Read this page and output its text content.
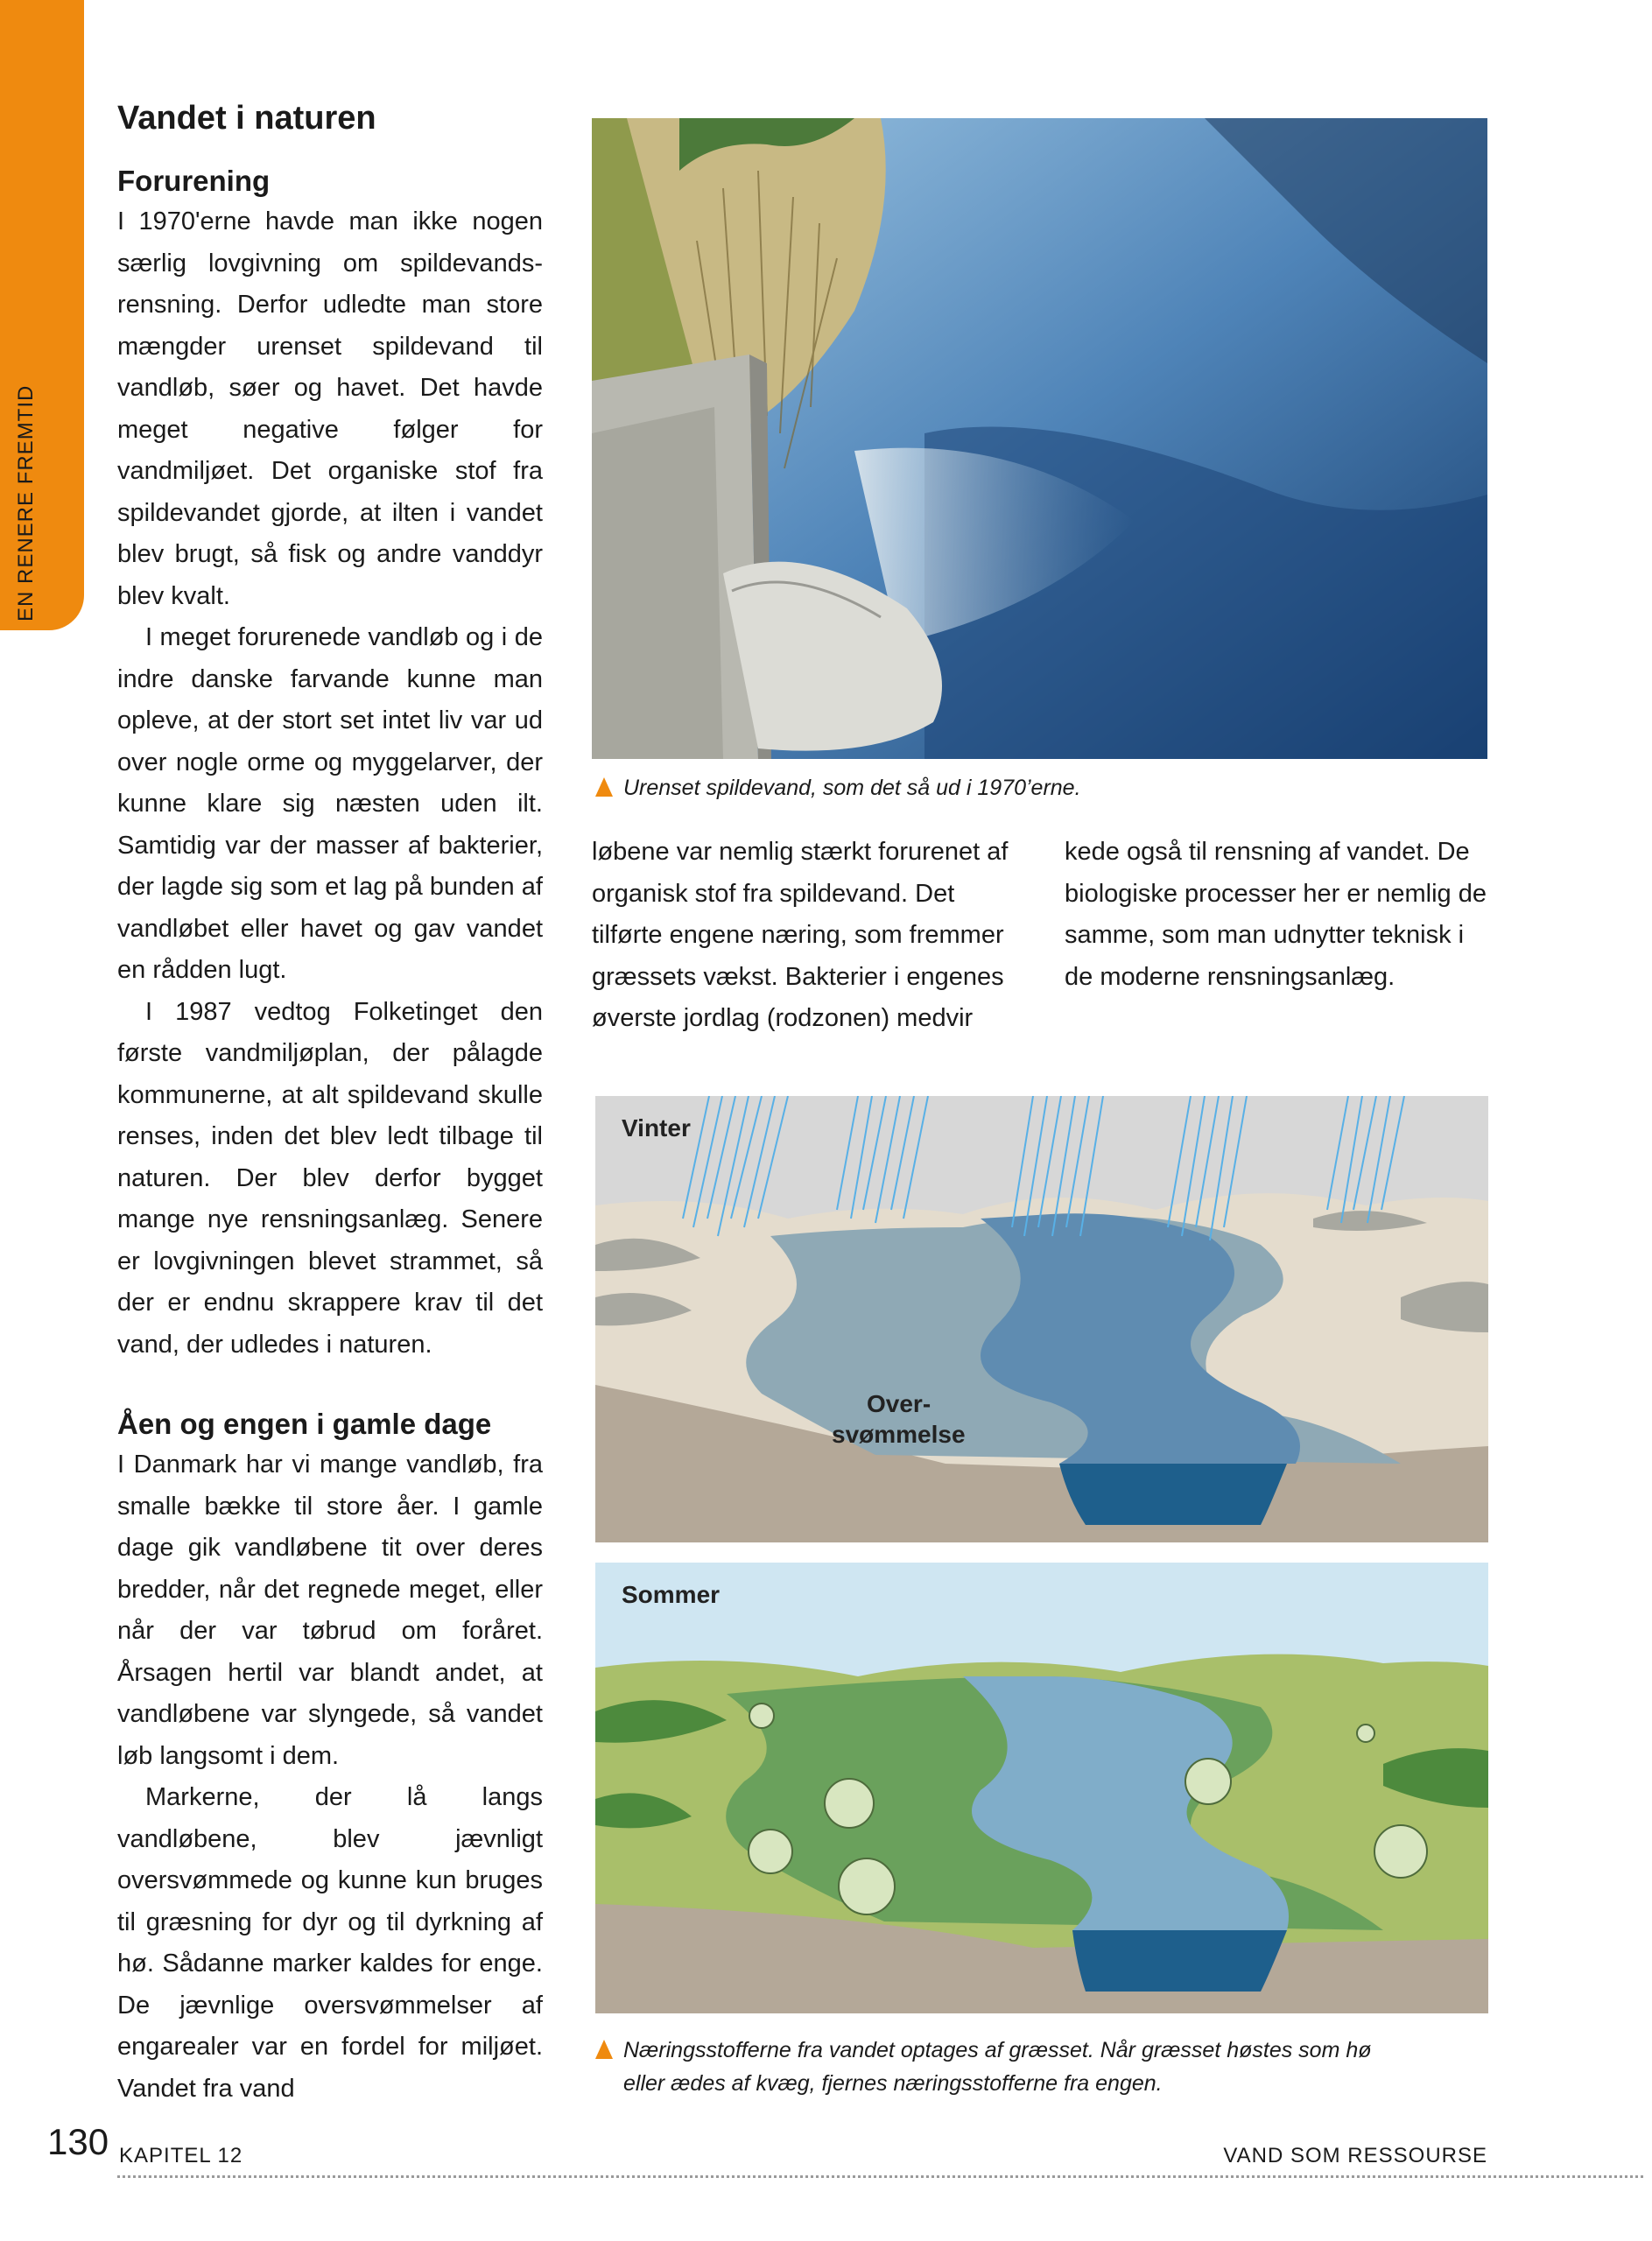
EN RENERE FREMTID
Vandet i naturen
Forurening

I 1970'erne havde man ikke nogen særlig lovgivning om spildevandsrensning. Derfor udledte man store mængder urenset spildevand til vandløb, søer og havet. Det havde meget negative følger for vandmiljøet. Det organiske stof fra spildevandet gjorde, at ilten i vandet blev brugt, så fisk og andre vanddyr blev kvalt.

I meget forurenede vandløb og i de indre danske farvande kunne man opleve, at der stort set intet liv var ud over nogle orme og myggelarver, der kunne klare sig næsten uden ilt. Samtidig var der masser af bakterier, der lagde sig som et lag på bunden af vandløbet eller havet og gav vandet en rådden lugt.

I 1987 vedtog Folketinget den første vandmiljøplan, der pålagde kommunerne, at alt spildevand skulle renses, inden det blev ledt tilbage til naturen. Der blev derfor bygget mange nye rensningsanlæg. Senere er lovgivningen blevet strammet, så der er endnu skrappere krav til det vand, der udledes i naturen.

Åen og engen i gamle dage

I Danmark har vi mange vandløb, fra smalle bække til store åer. I gamle dage gik vandløbene tit over deres bredder, når det regnede meget, eller når der var tøbrud om foråret. Årsagen hertil var blandt andet, at vandløbene var slyngede, så vandet løb langsomt i dem.

Markerne, der lå langs vandløbene, blev jævnligt oversvømmede og kunne kun bruges til græsning for dyr og til dyrkning af hø. Sådanne marker kaldes for enge. De jævnlige oversvømmelser af engarealer var en fordel for miljøet. Vandet fra vand

Urenset spildevand, som det så ud i 1970’erne.

løbene var nemlig stærkt forurenet af organisk stof fra spildevand. Det tilførte engene næring, som fremmer græssets vækst. Bakterier i engenes øverste jordlag (rodzonen) medvir

kede også til rensning af vandet. De biologiske processer her er nemlig de samme, som man udnytter teknisk i de moderne rensningsanlæg.

Vinter
Over-
svømmelse
Sommer
Næringsstofferne fra vandet optages af græsset. Når græsset høstes som hø
eller ædes af kvæg, fjernes næringsstofferne fra engen.
130 KAPITEL 12	VAND SOM RESSOURSE
